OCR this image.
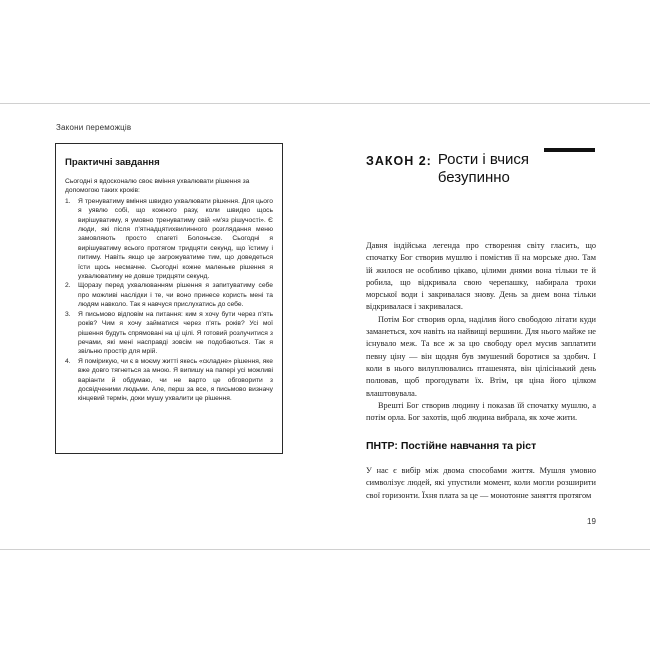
Закони переможців
Практичні завдання

Сьогодні я вдосконалю своє вміння ухвалювати рішення за допомогою таких кроків:

1.	Я тренуватиму вміння швидко ухвалювати рішення. Для цього я уявлю собі, що кожного разу, коли швидко щось вирішуватиму, я умовно тренуватиму свій «м'яз рішучості». Є люди, які після п'ятнадцятихвилинного розглядання меню замовляють просто спагеті Болоньєзе. Сьогодні я вирішуватиму всього протягом тридцяти секунд, що їстиму і питиму. Навіть якщо це загрожуватиме тим, що доведеться їсти щось несмачне. Сьогодні кожне маленьке рішення я ухвалюватиму не довше тридцяти секунд.
2.	Щоразу перед ухвалюванням рішення я запитуватиму себе про можливі наслідки і те, чи воно принесе користь мені та людям навколо. Так я навчуся прислухатись до себе.
3.	Я письмово відповім на питання: ким я хочу бути через п'ять років? Чим я хочу займатися через п'ять років? Усі мої рішення будуть спрямовані на ці цілі. Я готовий розлучитися з речами, які мені насправді зовсім не подобаються. Так я звільню простір для мрій.
4.	Я помірикую, чи є в моєму житті якесь «складне» рішення, яке вже довго тягнеться за мною. Я випишу на папері усі можливі варіанти й обдумаю, чи не варто це обговорити з досвідченими людьми. Але, перш за все, я письмово визначу кінцевий термін, доки мушу ухвалити це рішення.
ЗАКОН 2: Рости і вчися безупинно

Давня індійська легенда про створення світу гласить, що спочатку Бог створив мушлю і помістив її на морське дно. Там їй жилося не особливо цікаво, цілими днями вона тільки те й робила, що відкривала свою черепашку, набирала трохи морської води і закривалася знову. День за днем вона тільки відкривалася і закривалася.

Потім Бог створив орла, наділив його свободою літати куди заманеться, хоч навіть на найвищі вершини. Для нього майже не існувало меж. Та все ж за цю свободу орел мусив заплатити певну ціну — він щодня був змушений боротися за здобич. І коли в нього вилуплювались пташенята, він цілісінький день полював, щоб прогодувати їх. Втім, ця ціна його цілком влаштовувала.

Врешті Бог створив людину і показав їй спочатку мушлю, а потім орла. Бог захотів, щоб людина вибрала, як хоче жити.

ПНТР: Постійне навчання та ріст

У нас є вибір між двома способами життя. Мушля умовно символізує людей, які упустили момент, коли могли розширити свої горизонти. Їхня плата за це — монотонне заняття протягом

19
